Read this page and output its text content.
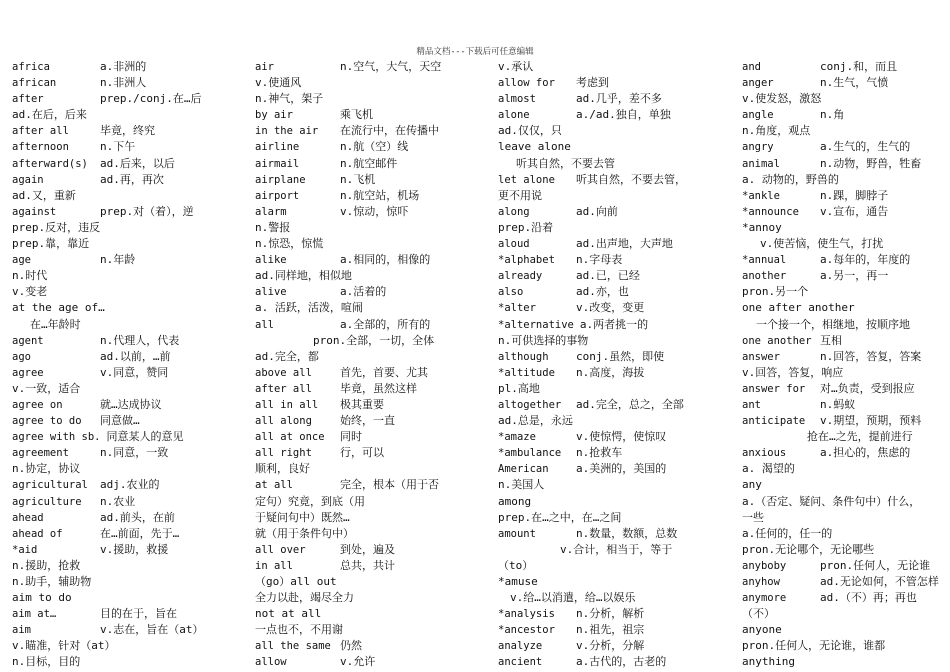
精品文档---下载后可任意编辑
africa	a.非洲的
african	n.非洲人
after	prep./conj.在…后
ad.在后，后来
after all	毕竟，终究
afternoon	n.下午
afterward(s) ad.后来，以后
again	ad.再，再次
ad.又，重新
against	prep.对（着），逆
prep.反对，违反
prep.靠，靠近
age	n.年龄
n.时代
v.变老
at the age of…
在…年龄时
agent	n.代理人，代表
ago	ad.以前，…前
agree	v.同意，赞同
v.一致，适合
agree on	就…达成协议
agree to do 同意做…
agree with sb. 同意某人的意见
agreement	n.同意，一致
n.协定，协议
agricultural adj.农业的
agriculture n.农业
ahead	ad.前头，在前
ahead of	在…前面，先于…
*aid	v.援助，救援
n.援助，抢救
n.助手，辅助物
aim to do
aim at…	目的在于，旨在
aim	v.志在，旨在（at）
v.瞄准，针对（at）
n.目标，目的
air	n.空气，大气，天空
v.使通风
n.神气，架子
by air	乘飞机
in the air 在流行中，在传播中
airline	n.航（空）线
airmail	n.航空邮件
airplane	n.飞机
airport	n.航空站，机场
alarm	v.惊动，惊吓
n.警报
n.惊恐，惊慌
alike	a.相同的，相像的
ad.同样地，相似地
alive	a.活着的
a. 活跃，活泼，喧闹
all	a.全部的，所有的
pron.全部，一切，全体
ad.完全，都
above all	首先，首要、尤其
after all	毕竟，虽然这样
all in all 极其重要
all along	始终，一直
all at once 同时
all right	行，可以
顺利，良好
at all	完全，根本（用于否
定句）究竟，到底（用
于疑问句中）既然…
就（用于条件句中）
all over	到处，遍及
in all	总共，共计
（go）all out
全力以赴，竭尽全力
not at all
一点也不，不用谢
all the same 仍然
allow	v.允许
v.承认
allow for 考虑到
almost	ad.几乎，差不多
alone	a./ad.独自，单独
ad.仅仅，只
leave alone
听其自然，不要去管
let alone 听其自然，不要去管，
更不用说
along	ad.向前
prep.沿着
aloud	ad.出声地，大声地
*alphabet n.字母表
already	ad.已，已经
also	ad.亦，也
*alter	v.改变，变更
*alternative a.两者挑一的
n.可供选择的事物
although conj.虽然，即使
*altitude n.高度，海拔
pl.高地
altogether ad.完全，总之，全部
ad.总是，永远
*amaze	v.使惊愕，使惊叹
*ambulance n.抢救车
American a.美洲的，美国的
n.美国人
among
prep.在…之中，在…之间
amount	n.数量，数额，总数
v.合计，相当于，等于
（to）
*amuse
v.给…以消遣，给…以娱乐
*analysis n.分析，解析
*ancestor n.祖先，祖宗
analyze	v.分析，分解
ancient	a.古代的，古老的
and	conj.和，而且
anger	n.生气，气愤
v.使发怒，激怒
angle	n.角
n.角度，观点
angry	a.生气的，生气的
animal	n.动物，野兽，牲畜
a. 动物的，野兽的
*ankle	n.踝，脚脖子
*announce v.宣布，通告
*annoy
v.使苦恼，使生气，打扰
*annual	a.每年的，年度的
another	a.另一，再一
pron.另一个
one after another
一个接一个，相继地，按顺序地
one another 互相
answer	n.回答，答复，答案
v.回答，答复，响应
answer for 对…负责，受到报应
ant	n.蚂蚁
anticipate v.期望，预期，预料
抢在…之先，提前进行
anxious	a.担心的，焦虑的
a. 渴望的
any
a.（否定、疑问、条件句中）什么，
一些
a.任何的，任一的
pron.无论哪个，无论哪些
anyboby	pron.任何人，无论谁
anyhow	ad.无论如何，不管怎样
anymore	ad.（不）再；再也
（不）
anyone
pron.任何人，无论谁，谁都
anything
